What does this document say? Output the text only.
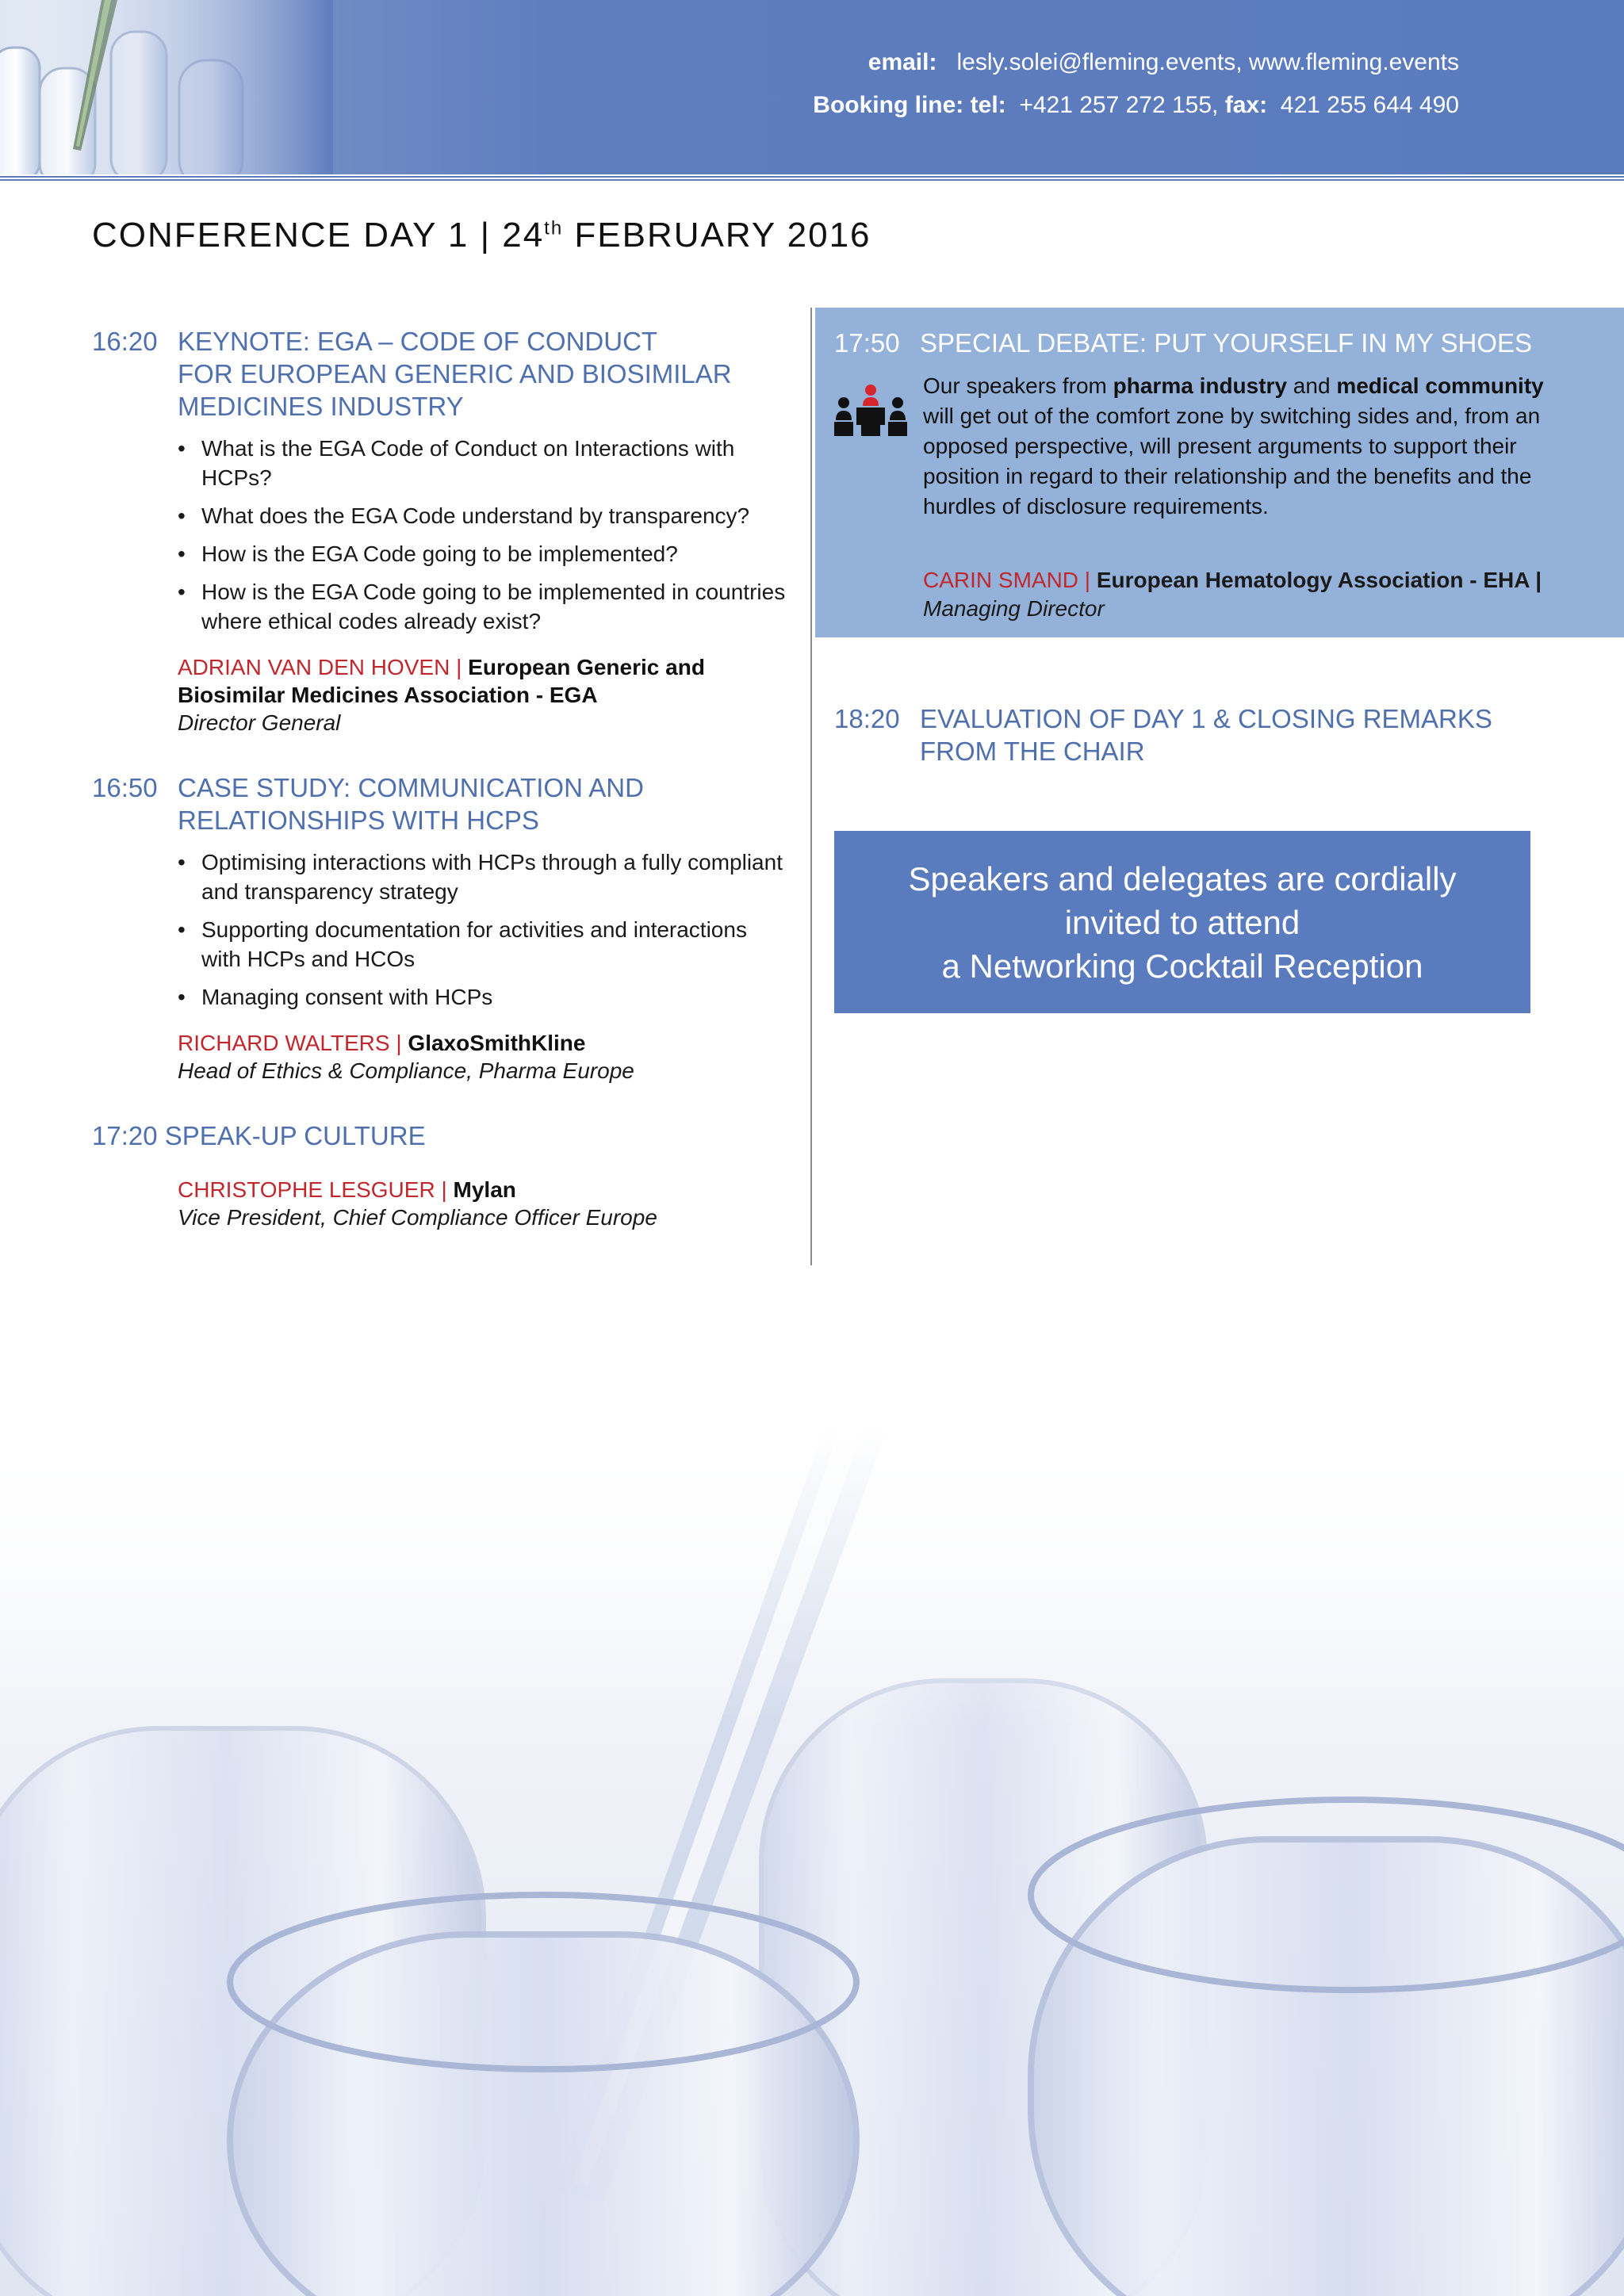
email: lesly.solei@fleming.events, www.fleming.events
Booking line: tel: +421 257 272 155, fax: 421 255 644 490
CONFERENCE DAY 1 | 24th FEBRUARY 2016
16:20 KEYNOTE: EGA – CODE OF CONDUCT
FOR EUROPEAN GENERIC AND BIOSIMILAR
MEDICINES INDUSTRY
• What is the EGA Code of Conduct on Interactions with HCPs?
• What does the EGA Code understand by transparency?
• How is the EGA Code going to be implemented?
• How is the EGA Code going to be implemented in countries where ethical codes already exist?
ADRIAN VAN DEN HOVEN | European Generic and Biosimilar Medicines Association - EGA
Director General
16:50 CASE STUDY: COMMUNICATION AND
RELATIONSHIPS WITH HCPS
• Optimising interactions with HCPs through a fully compliant and transparency strategy
• Supporting documentation for activities and interactions with HCPs and HCOs
• Managing consent with HCPs
RICHARD WALTERS | GlaxoSmithKline
Head of Ethics & Compliance, Pharma Europe
17:20 SPEAK-UP CULTURE
CHRISTOPHE LESGUER | Mylan
Vice President, Chief Compliance Officer Europe
17:50 SPECIAL DEBATE: PUT YOURSELF IN MY SHOES
Our speakers from pharma industry and medical community will get out of the comfort zone by switching sides and, from an opposed perspective, will present arguments to support their position in regard to their relationship and the benefits and the hurdles of disclosure requirements.
CARIN SMAND | European Hematology Association - EHA | Managing Director
18:20 EVALUATION OF DAY 1 & CLOSING REMARKS
FROM THE CHAIR
Speakers and delegates are cordially
invited to attend
a Networking Cocktail Reception
